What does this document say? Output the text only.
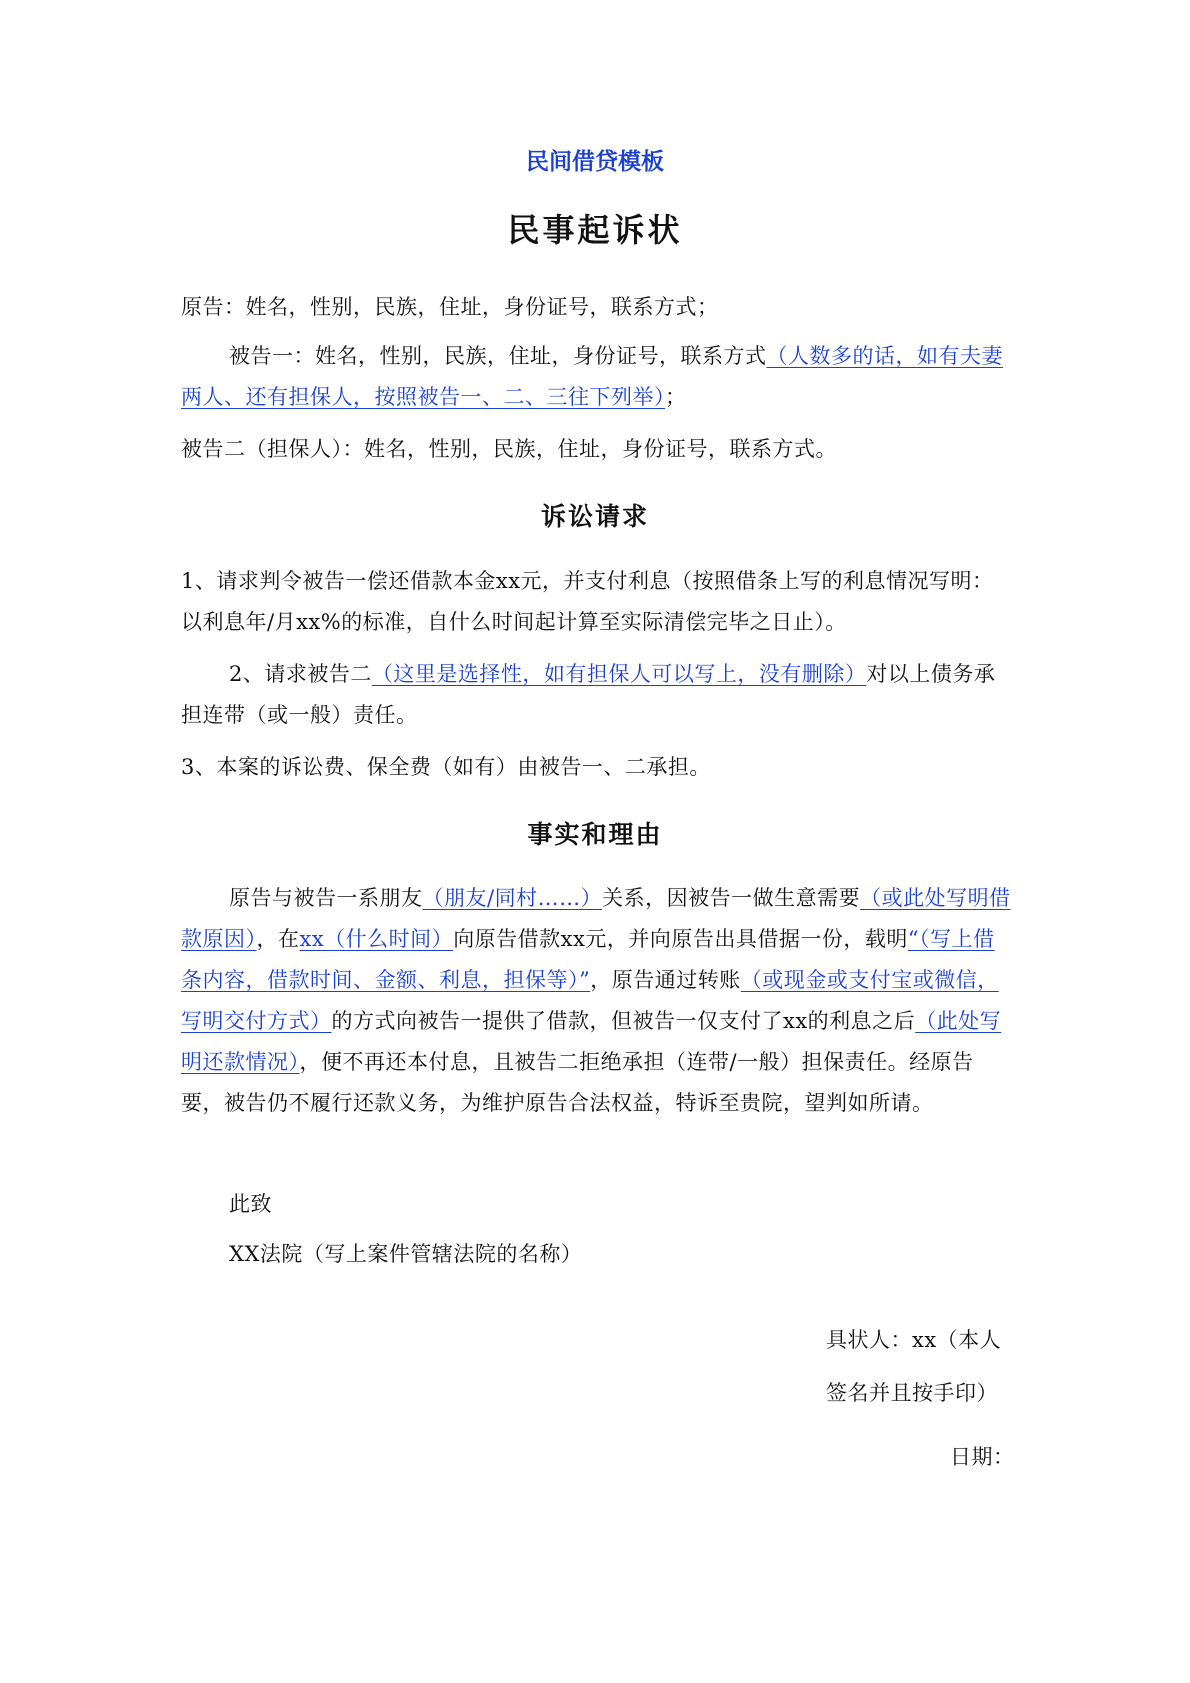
民间借贷模板
民事起诉状
原告：姓名，性别，民族，住址，身份证号，联系方式；
被告一：姓名，性别，民族，住址，身份证号，联系方式（人数多的话，如有夫妻两人、还有担保人，按照被告一、二、三往下列举）；
被告二（担保人）：姓名，性别，民族，住址，身份证号，联系方式。
诉讼请求
1、请求判令被告一偿还借款本金xx元，并支付利息（按照借条上写的利息情况写明：以利息年/月xx%的标准，自什么时间起计算至实际清偿完毕之日止）。
2、请求被告二（这里是选择性，如有担保人可以写上，没有删除）对以上债务承担连带（或一般）责任。
3、本案的诉讼费、保全费（如有）由被告一、二承担。
事实和理由
原告与被告一系朋友（朋友/同村……）关系，因被告一做生意需要（或此处写明借款原因），在xx（什么时间）向原告借款xx元，并向原告出具借据一份，载明“（写上借条内容，借款时间、金额、利息，担保等）”，原告通过转账（或现金或支付宝或微信，写明交付方式）的方式向被告一提供了借款，但被告一仅支付了xx的利息之后（此处写明还款情况），便不再还本付息，且被告二拒绝承担（连带/一般）担保责任。经原告要，被告仍不履行还款义务，为维护原告合法权益，特诉至贵院，望判如所请。
此致
XX法院（写上案件管辖法院的名称）
具状人：xx（本人
签名并且按手印）
日期：
